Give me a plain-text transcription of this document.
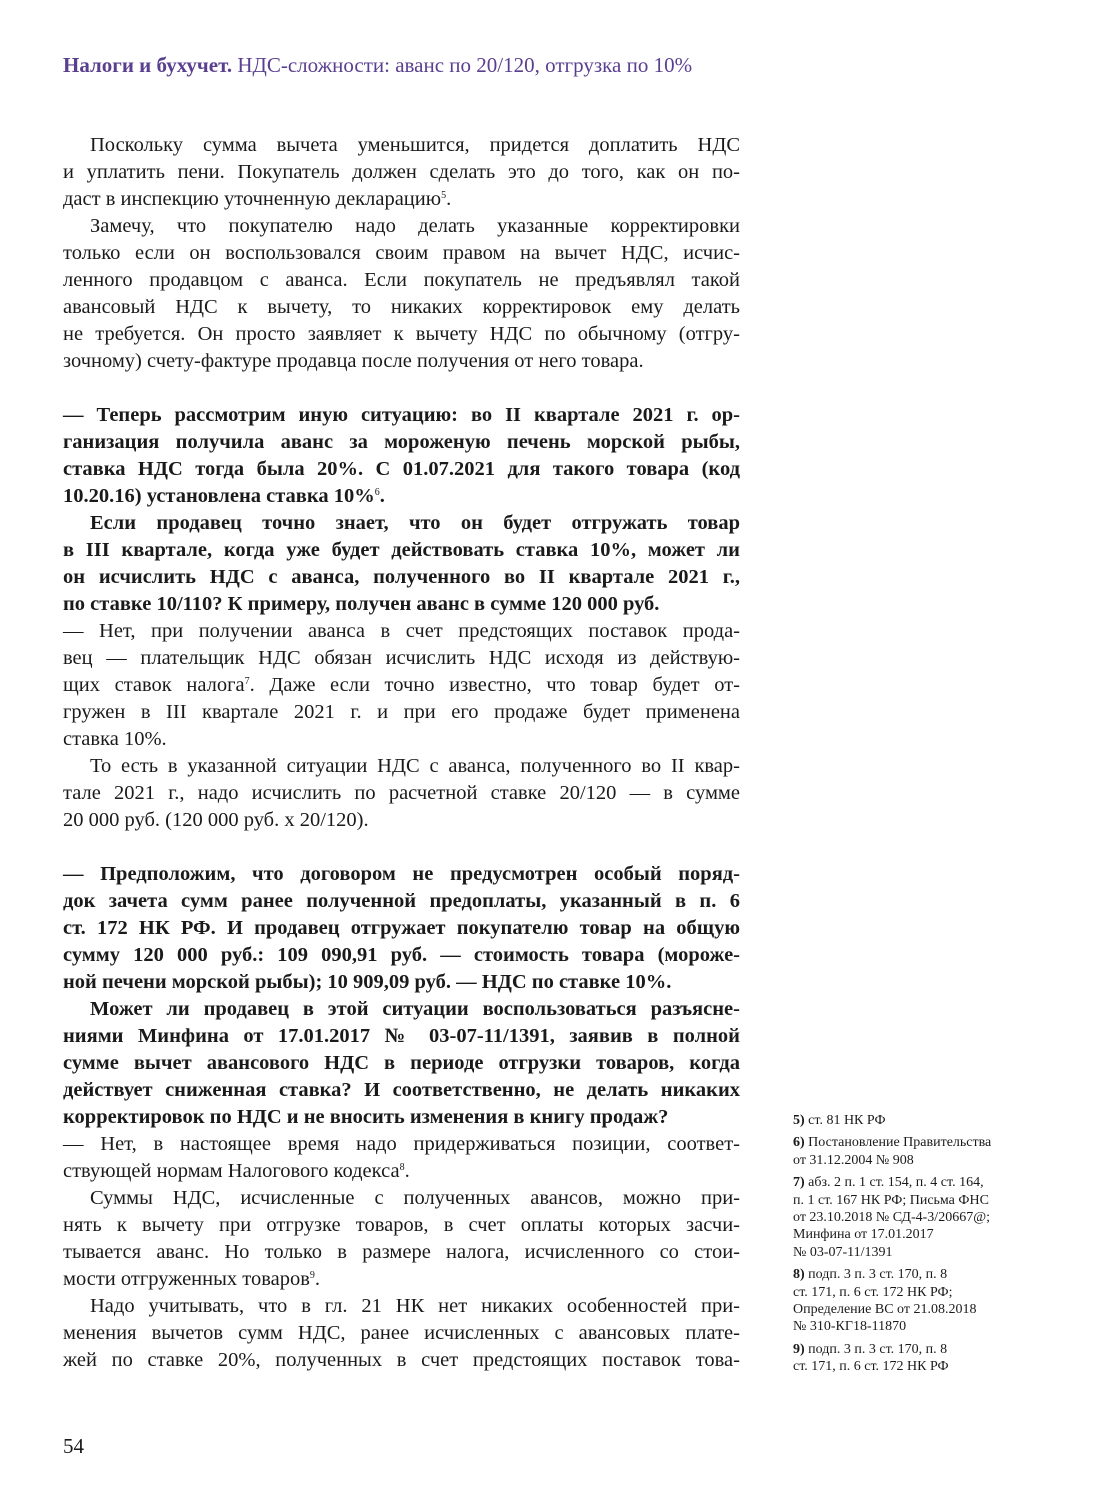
Налоги и бухучет. НДС-сложности: аванс по 20/120, отгрузка по 10%
Поскольку сумма вычета уменьшится, придется доплатить НДС
и уплатить пени. Покупатель должен сделать это до того, как он по-
даст в инспекцию уточненную декларацию$^5$.
Замечу, что покупателю надо делать указанные корректировки
только если он воспользовался своим правом на вычет НДС, исчис-
ленного продавцом с аванса. Если покупатель не предъявлял такой
авансовый НДС к вычету, то никаких корректировок ему делать
не требуется. Он просто заявляет к вычету НДС по обычному (отгру-
зочному) счету-фактуре продавца после получения от него товара.
— Теперь рассмотрим иную ситуацию: во II квартале 2021 г. ор-
ганизация получила аванс за мороженую печень морской рыбы,
ставка НДС тогда была 20%. С 01.07.2021 для такого товара (код
10.20.16) установлена ставка 10%$^6$.
Если продавец точно знает, что он будет отгружать товар
в III квартале, когда уже будет действовать ставка 10%, может ли
он исчислить НДС с аванса, полученного во II квартале 2021 г.,
по ставке 10/110? К примеру, получен аванс в сумме 120 000 руб.
— Нет, при получении аванса в счет предстоящих поставок прода-
вец — плательщик НДС обязан исчислить НДС исходя из действую-
щих ставок налога$^7$. Даже если точно известно, что товар будет от-
гружен в III квартале 2021 г. и при его продаже будет применена
ставка 10%.
То есть в указанной ситуации НДС с аванса, полученного во II квар-
тале 2021 г., надо исчислить по расчетной ставке 20/120 — в сумме
20 000 руб. (120 000 руб. х 20/120).
— Предположим, что договором не предусмотрен особый поряд-
док зачета сумм ранее полученной предоплаты, указанный в п. 6
ст. 172 НК РФ. И продавец отгружает покупателю товар на общую
сумму 120 000 руб.: 109 090,91 руб. — стоимость товара (мороже-
ной печени морской рыбы); 10 909,09 руб. — НДС по ставке 10%.
Может ли продавец в этой ситуации воспользоваться разъясне-
ниями Минфина от 17.01.2017 № 03-07-11/1391, заявив в полной
сумме вычет авансового НДС в периоде отгрузки товаров, когда
действует сниженная ставка? И соответственно, не делать никаких
корректировок по НДС и не вносить изменения в книгу продаж?
— Нет, в настоящее время надо придерживаться позиции, соответ-
ствующей нормам Налогового кодекса$^8$.
Суммы НДС, исчисленные с полученных авансов, можно при-
нять к вычету при отгрузке товаров, в счет оплаты которых засчи-
тывается аванс. Но только в размере налога, исчисленного со стои-
мости отгруженных товаров$^9$.
Надо учитывать, что в гл. 21 НК нет никаких особенностей при-
менения вычетов сумм НДС, ранее исчисленных с авансовых плате-
жей по ставке 20%, полученных в счет предстоящих поставок това-
5) ст. 81 НК РФ
6) Постановление Правительства
от 31.12.2004 № 908
7) абз. 2 п. 1 ст. 154, п. 4 ст. 164,
п. 1 ст. 167 НК РФ; Письма ФНС
от 23.10.2018 № СД-4-3/20667@;
Минфина от 17.01.2017
№ 03-07-11/1391
8) подп. 3 п. 3 ст. 170, п. 8
ст. 171, п. 6 ст. 172 НК РФ;
Определение ВС от 21.08.2018
№ 310-КГ18-11870
9) подп. 3 п. 3 ст. 170, п. 8
ст. 171, п. 6 ст. 172 НК РФ
54
